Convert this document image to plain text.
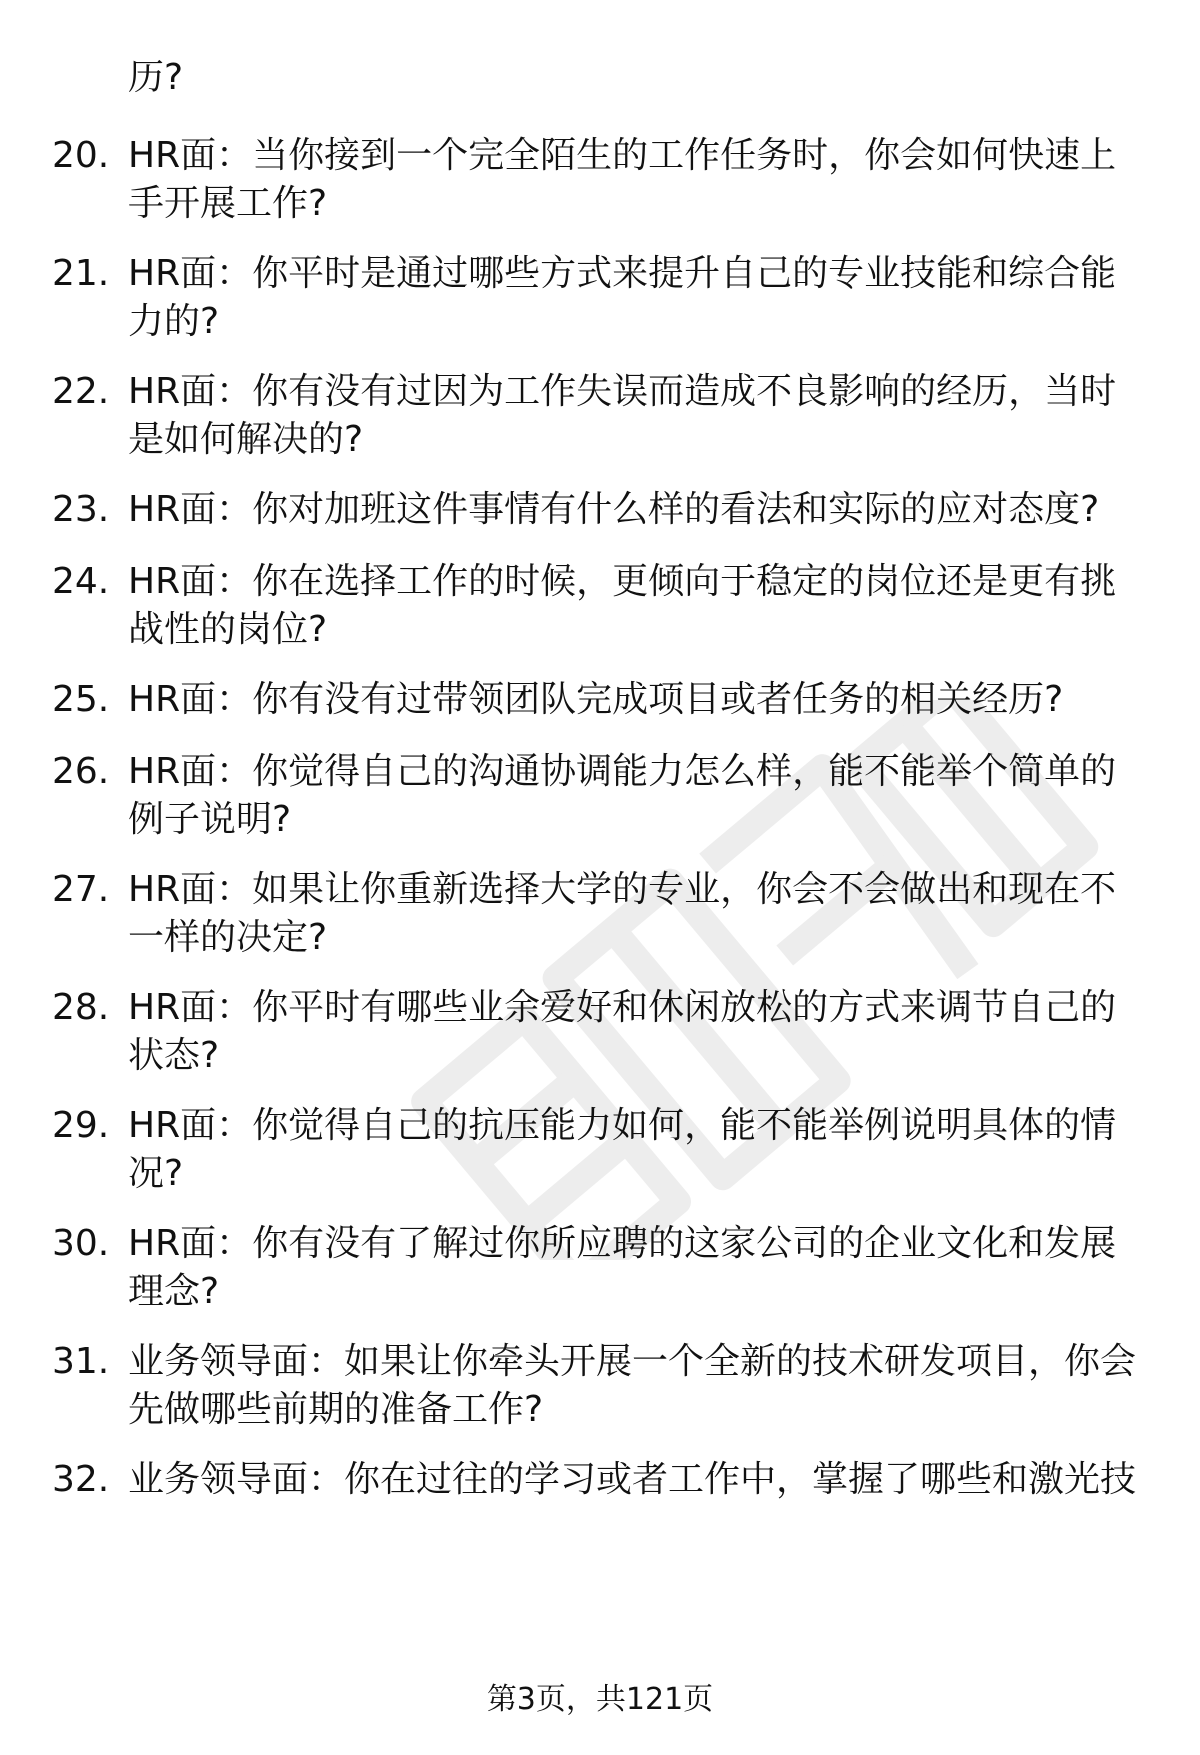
历?
20. HR面：当你接到一个完全陌生的工作任务时，你会如何快速上手开展工作?
21. HR面：你平时是通过哪些方式来提升自己的专业技能和综合能力的?
22. HR面：你有没有过因为工作失误而造成不良影响的经历，当时是如何解决的?
23. HR面：你对加班这件事情有什么样的看法和实际的应对态度?
24. HR面：你在选择工作的时候，更倾向于稳定的岗位还是更有挑战性的岗位?
25. HR面：你有没有过带领团队完成项目或者任务的相关经历?
26. HR面：你觉得自己的沟通协调能力怎么样，能不能举个简单的例子说明?
27. HR面：如果让你重新选择大学的专业，你会不会做出和现在不一样的决定?
28. HR面：你平时有哪些业余爱好和休闲放松的方式来调节自己的状态?
29. HR面：你觉得自己的抗压能力如何，能不能举例说明具体的情况?
30. HR面：你有没有了解过你所应聘的这家公司的企业文化和发展理念?
31. 业务领导面：如果让你牵头开展一个全新的技术研发项目，你会先做哪些前期的准备工作?
32. 业务领导面：你在过往的学习或者工作中，掌握了哪些和激光技
第3页，共121页
